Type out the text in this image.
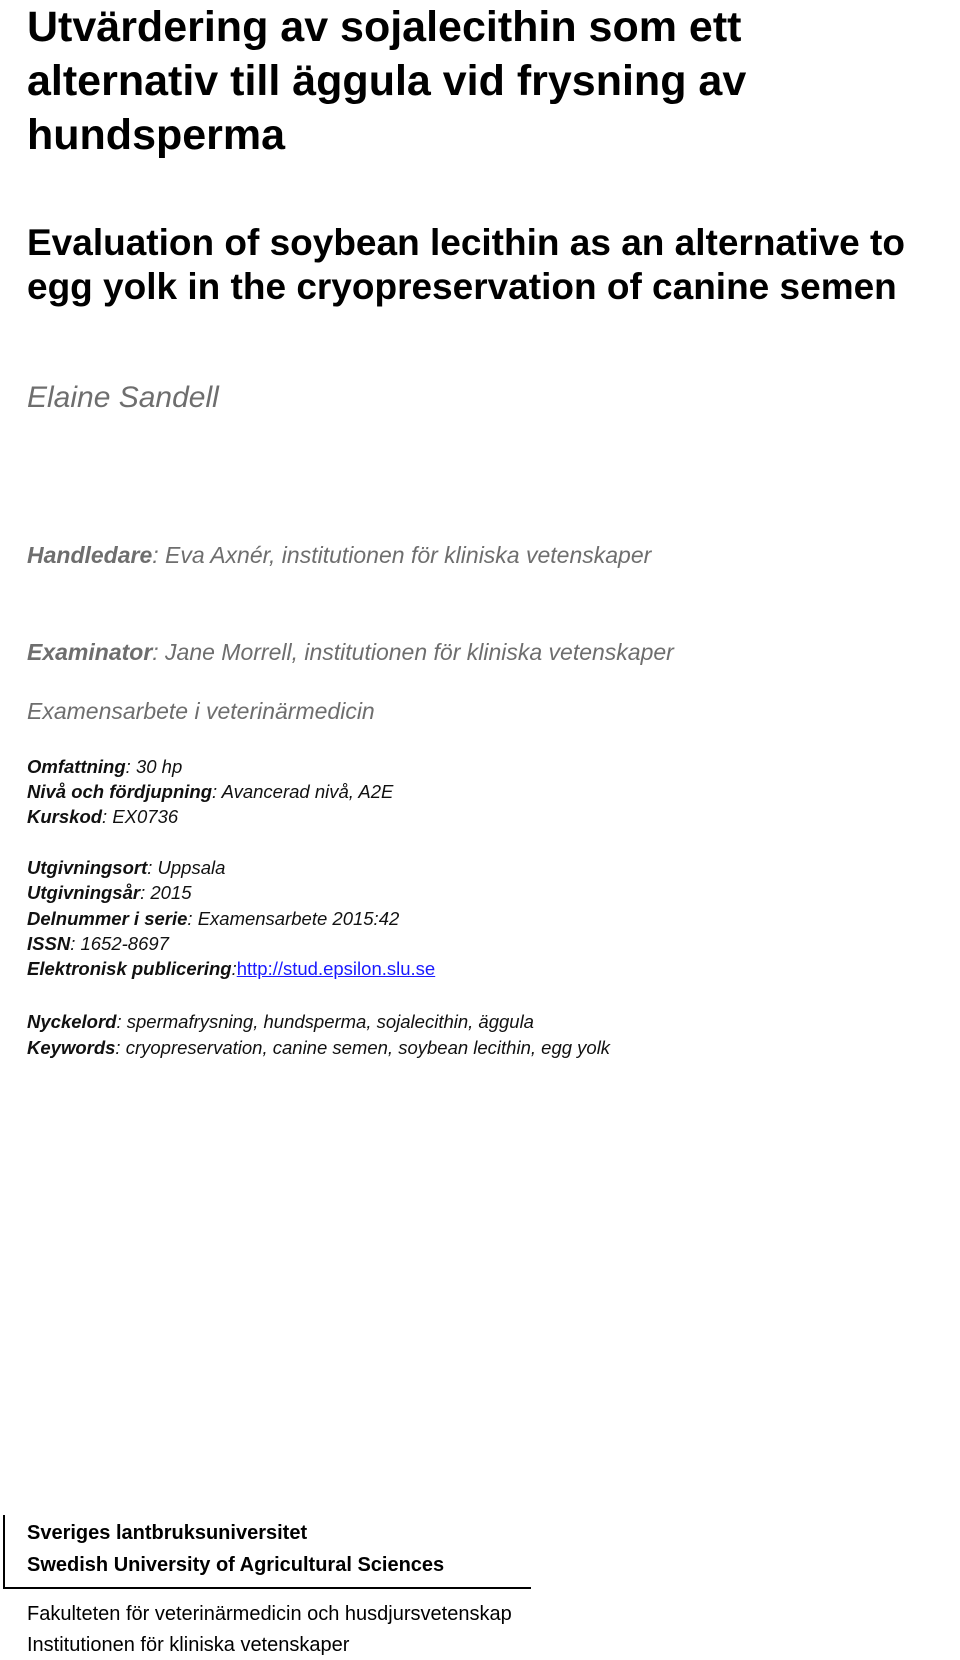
Utvärdering av sojalecithin som ett alternativ till äggula vid frysning av hundsperma
Evaluation of soybean lecithin as an alternative to egg yolk in the cryopreservation of canine semen
Elaine Sandell
Handledare: Eva Axnér, institutionen för kliniska vetenskaper
Examinator: Jane Morrell, institutionen för kliniska vetenskaper
Examensarbete i veterinärmedicin
Omfattning: 30 hp
Nivå och fördjupning: Avancerad nivå, A2E
Kurskod: EX0736
Utgivningsort: Uppsala
Utgivningsår: 2015
Delnummer i serie: Examensarbete 2015:42
ISSN: 1652-8697
Elektronisk publicering:http://stud.epsilon.slu.se
Nyckelord: spermafrysning, hundsperma, sojalecithin, äggula
Keywords: cryopreservation, canine semen, soybean lecithin, egg yolk
Sveriges lantbruksuniversitet
Swedish University of Agricultural Sciences
Fakulteten för veterinärmedicin och husdjursvetenskap
Institutionen för kliniska vetenskaper
